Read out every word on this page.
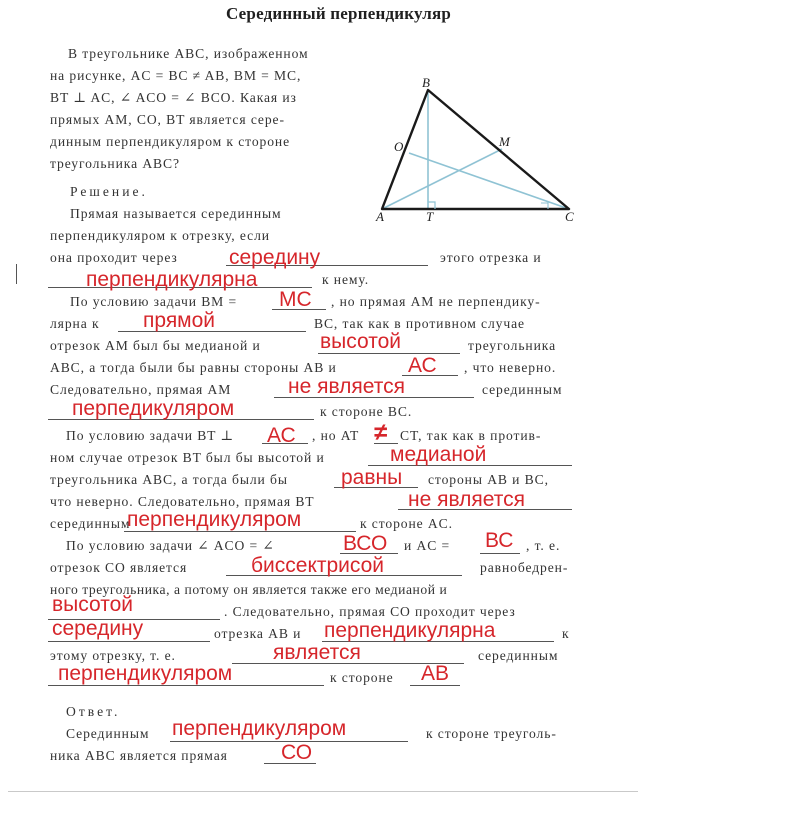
Серединный перпендикуляр
В треугольнике ABC, изображенном
на рисунке, AC = BC ≠ AB, BM = MC,
BT ⊥ AC, ∠ ACO = ∠ BCO. Какая из
прямых AM, CO, BT является сере-
динным перпендикуляром к стороне
треугольника ABC?
B
O	M
A	T	C
Решение.
Прямая называется серединным
перпендикуляром к отрезку, если
она проходит через	этого отрезка и
к нему.
По условию задачи BM =	, но прямая AM не перпендику-
лярна к	BC, так как в противном случае
отрезок AM был бы медианой и	треугольника
ABC, а тогда были бы равны стороны AB и	, что неверно.
Следовательно, прямая AM	серединным
к стороне BC.
По условию задачи BT ⊥	, но AT	CT, так как в против-
ном случае отрезок BT был бы высотой и
треугольника ABC, а тогда были бы	стороны AB и BC,
что неверно. Следовательно, прямая BT
серединным	к стороне AC.
По условию задачи ∠ ACO = ∠	и AC =	, т. е.
отрезок CO является	равнобедрен-
ного треугольника, а потому он является также его медианой и
. Следовательно, прямая CO проходит через
отрезка AB и	к
этому отрезку, т. е.	серединным
к стороне
Ответ.
Серединным	к стороне треуголь-
ника ABC является прямая
середину
перпендикулярна
МС
прямой
высотой
АС
не является
перпедикуляром
АС	≠
медианой
равны
не является
перпендикуляром
ВСО	ВС
биссектрисой
высотой
середину	перпендикулярна
является
перпендикуляром	АВ
перпендикуляром
СО
